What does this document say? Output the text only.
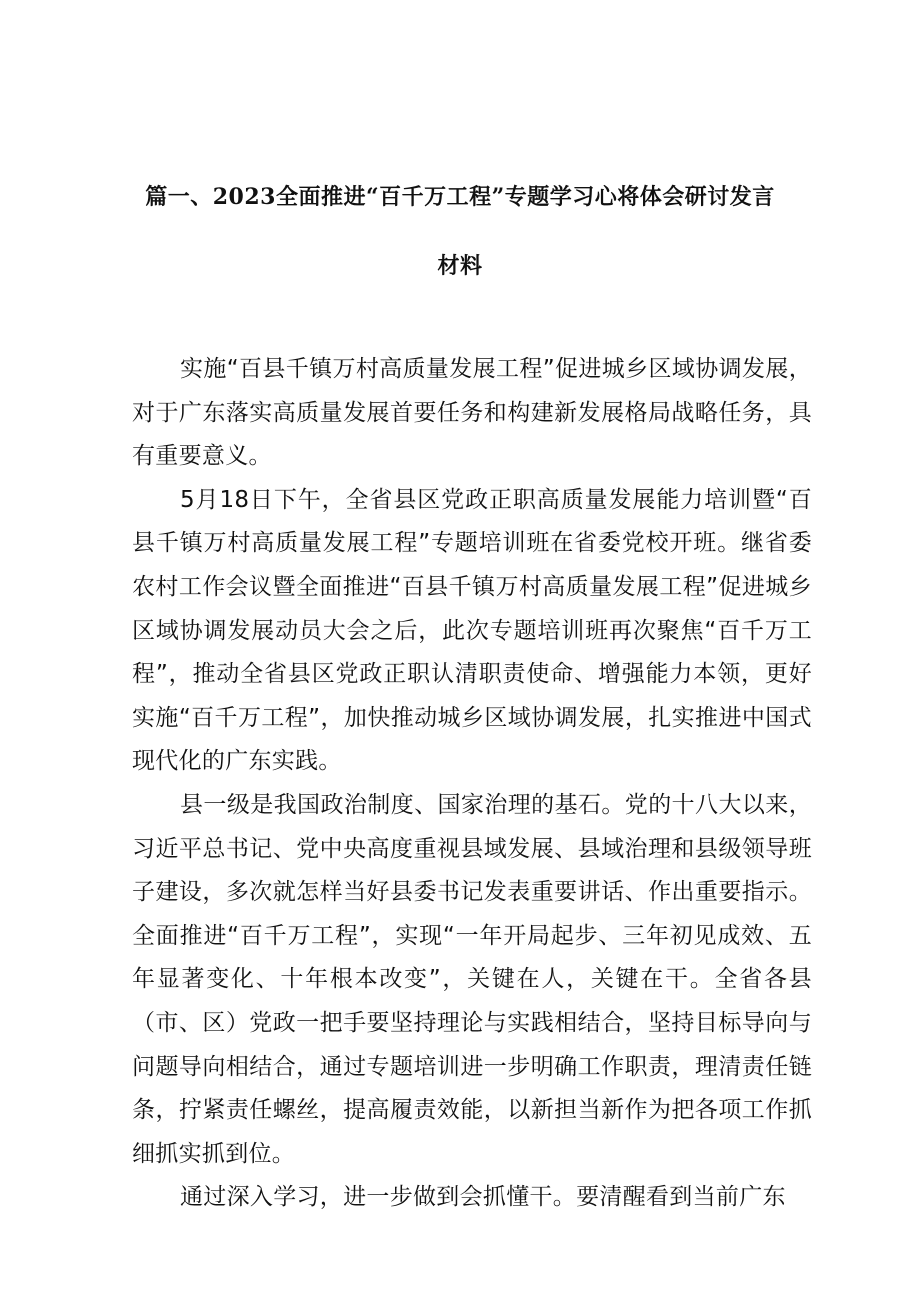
篇一、2023全面推进“百千万工程”专题学习心将体会研讨发言
材料

实施“百县千镇万村高质量发展工程”促进城乡区域协调发展，对于广东落实高质量发展首要任务和构建新发展格局战略任务，具有重要意义。

5月18日下午，全省县区党政正职高质量发展能力培训暨“百县千镇万村高质量发展工程”专题培训班在省委党校开班。继省委农村工作会议暨全面推进“百县千镇万村高质量发展工程”促进城乡区域协调发展动员大会之后，此次专题培训班再次聚焦“百千万工程”，推动全省县区党政正职认清职责使命、增强能力本领，更好实施“百千万工程”，加快推动城乡区域协调发展，扎实推进中国式现代化的广东实践。

县一级是我国政治制度、国家治理的基石。党的十八大以来，习近平总书记、党中央高度重视县域发展、县域治理和县级领导班子建设，多次就怎样当好县委书记发表重要讲话、作出重要指示。全面推进“百千万工程”，实现“一年开局起步、三年初见成效、五年显著变化、十年根本改变”，关键在人，关键在干。全省各县（市、区）党政一把手要坚持理论与实践相结合，坚持目标导向与问题导向相结合，通过专题培训进一步明确工作职责，理清责任链条，拧紧责任螺丝，提高履责效能，以新担当新作为把各项工作抓细抓实抓到位。

通过深入学习，进一步做到会抓懂干。要清醒看到当前广东
